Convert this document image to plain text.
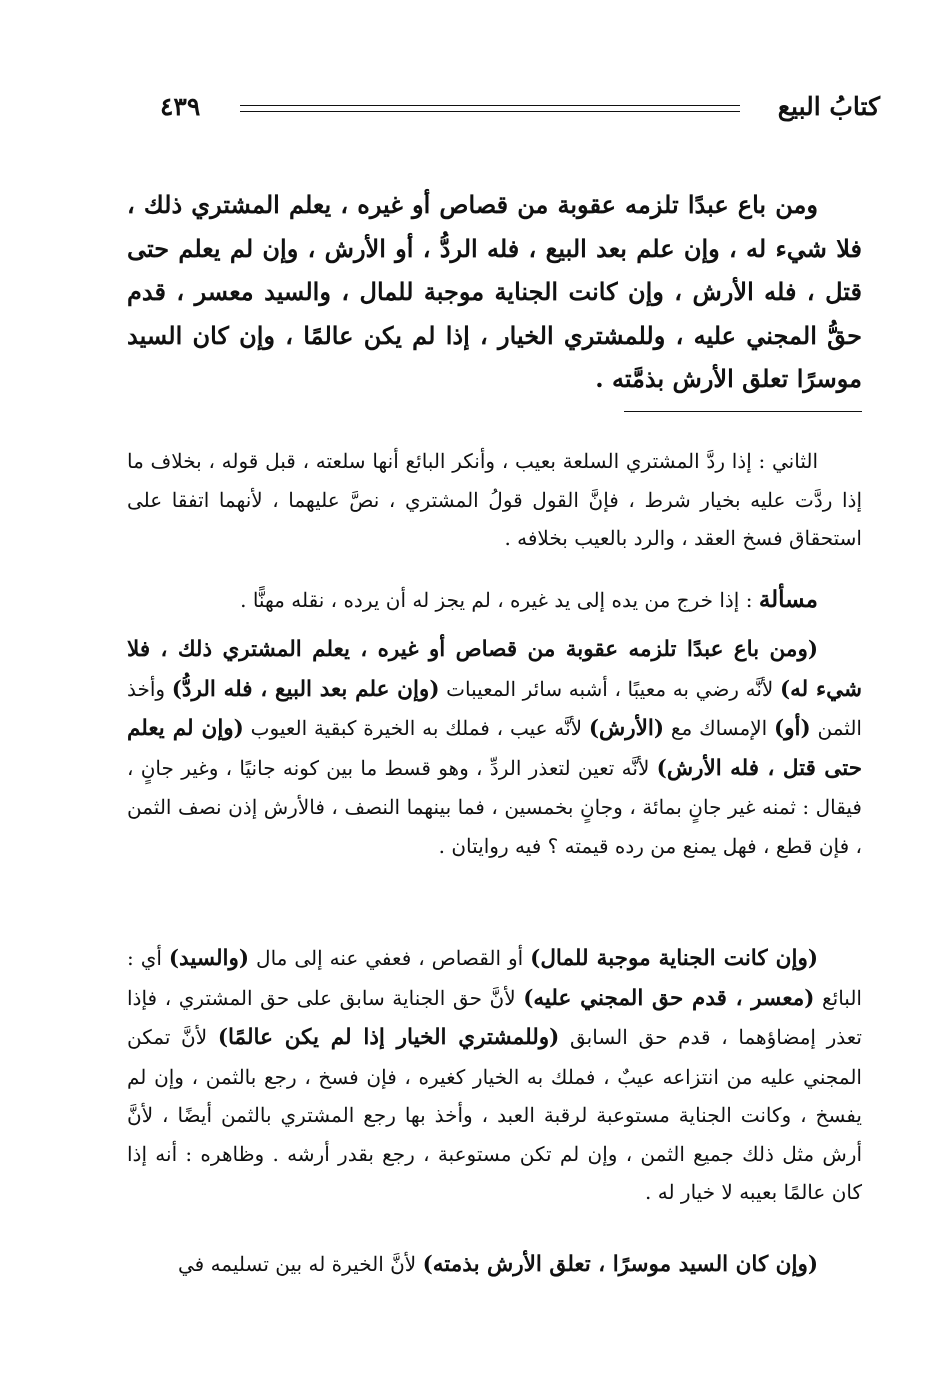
كتابُ البيع
٤٣٩
ومن باع عبدًا تلزمه عقوبة من قصاص أو غيره ، يعلم المشتري ذلك ، فلا شيء له ، وإن علم بعد البيع ، فله الردُّ ، أو الأرش ، وإن لم يعلم حتى قتل ، فله الأرش ، وإن كانت الجناية موجبة للمال ، والسيد معسر ، قدم حقُّ المجني عليه ، وللمشتري الخيار ، إذا لم يكن عالمًا ، وإن كان السيد موسرًا تعلق الأرش بذمَّته .
الثاني : إذا ردَّ المشتري السلعة بعيب ، وأنكر البائع أنها سلعته ، قبل قوله ، بخلاف ما إذا ردَّت عليه بخيار شرط ، فإنَّ القول قولُ المشتري ، نصَّ عليهما ، لأنهما اتفقا على استحقاق فسخ العقد ، والرد بالعيب بخلافه .
مسألة : إذا خرج من يده إلى يد غيره ، لم يجز له أن يرده ، نقله مهنًّا .
(ومن باع عبدًا تلزمه عقوبة من قصاص أو غيره ، يعلم المشتري ذلك ، فلا شيء له) لأنَّه رضي به معيبًا ، أشبه سائر المعيبات (وإن علم بعد البيع ، فله الردُّ) وأخذ الثمن (أو) الإمساك مع (الأرش) لأنَّه عيب ، فملك به الخيرة كبقية العيوب (وإن لم يعلم حتى قتل ، فله الأرش) لأنَّه تعين لتعذر الردِّ ، وهو قسط ما بين كونه جانيًا ، وغير جانٍ ، فيقال : ثمنه غير جانٍ بمائة ، وجانٍ بخمسين ، فما بينهما النصف ، فالأرش إذن نصف الثمن ، فإن قطع ، فهل يمنع من رده قيمته ؟ فيه روايتان .
(وإن كانت الجناية موجبة للمال) أو القصاص ، فعفي عنه إلى مال (والسيد) أي : البائع (معسر ، قدم حق المجني عليه) لأنَّ حق الجناية سابق على حق المشتري ، فإذا تعذر إمضاؤهما ، قدم حق السابق (وللمشتري الخيار إذا لم يكن عالمًا) لأنَّ تمكن المجني عليه من انتزاعه عيبٌ ، فملك به الخيار كغيره ، فإن فسخ ، رجع بالثمن ، وإن لم يفسخ ، وكانت الجناية مستوعبة لرقبة العبد ، وأخذ بها رجع المشتري بالثمن أيضًا ، لأنَّ أرش مثل ذلك جميع الثمن ، وإن لم تكن مستوعبة ، رجع بقدر أرشه . وظاهره : أنه إذا كان عالمًا بعيبه لا خيار له .
(وإن كان السيد موسرًا ، تعلق الأرش بذمته) لأنَّ الخيرة له بين تسليمه في
